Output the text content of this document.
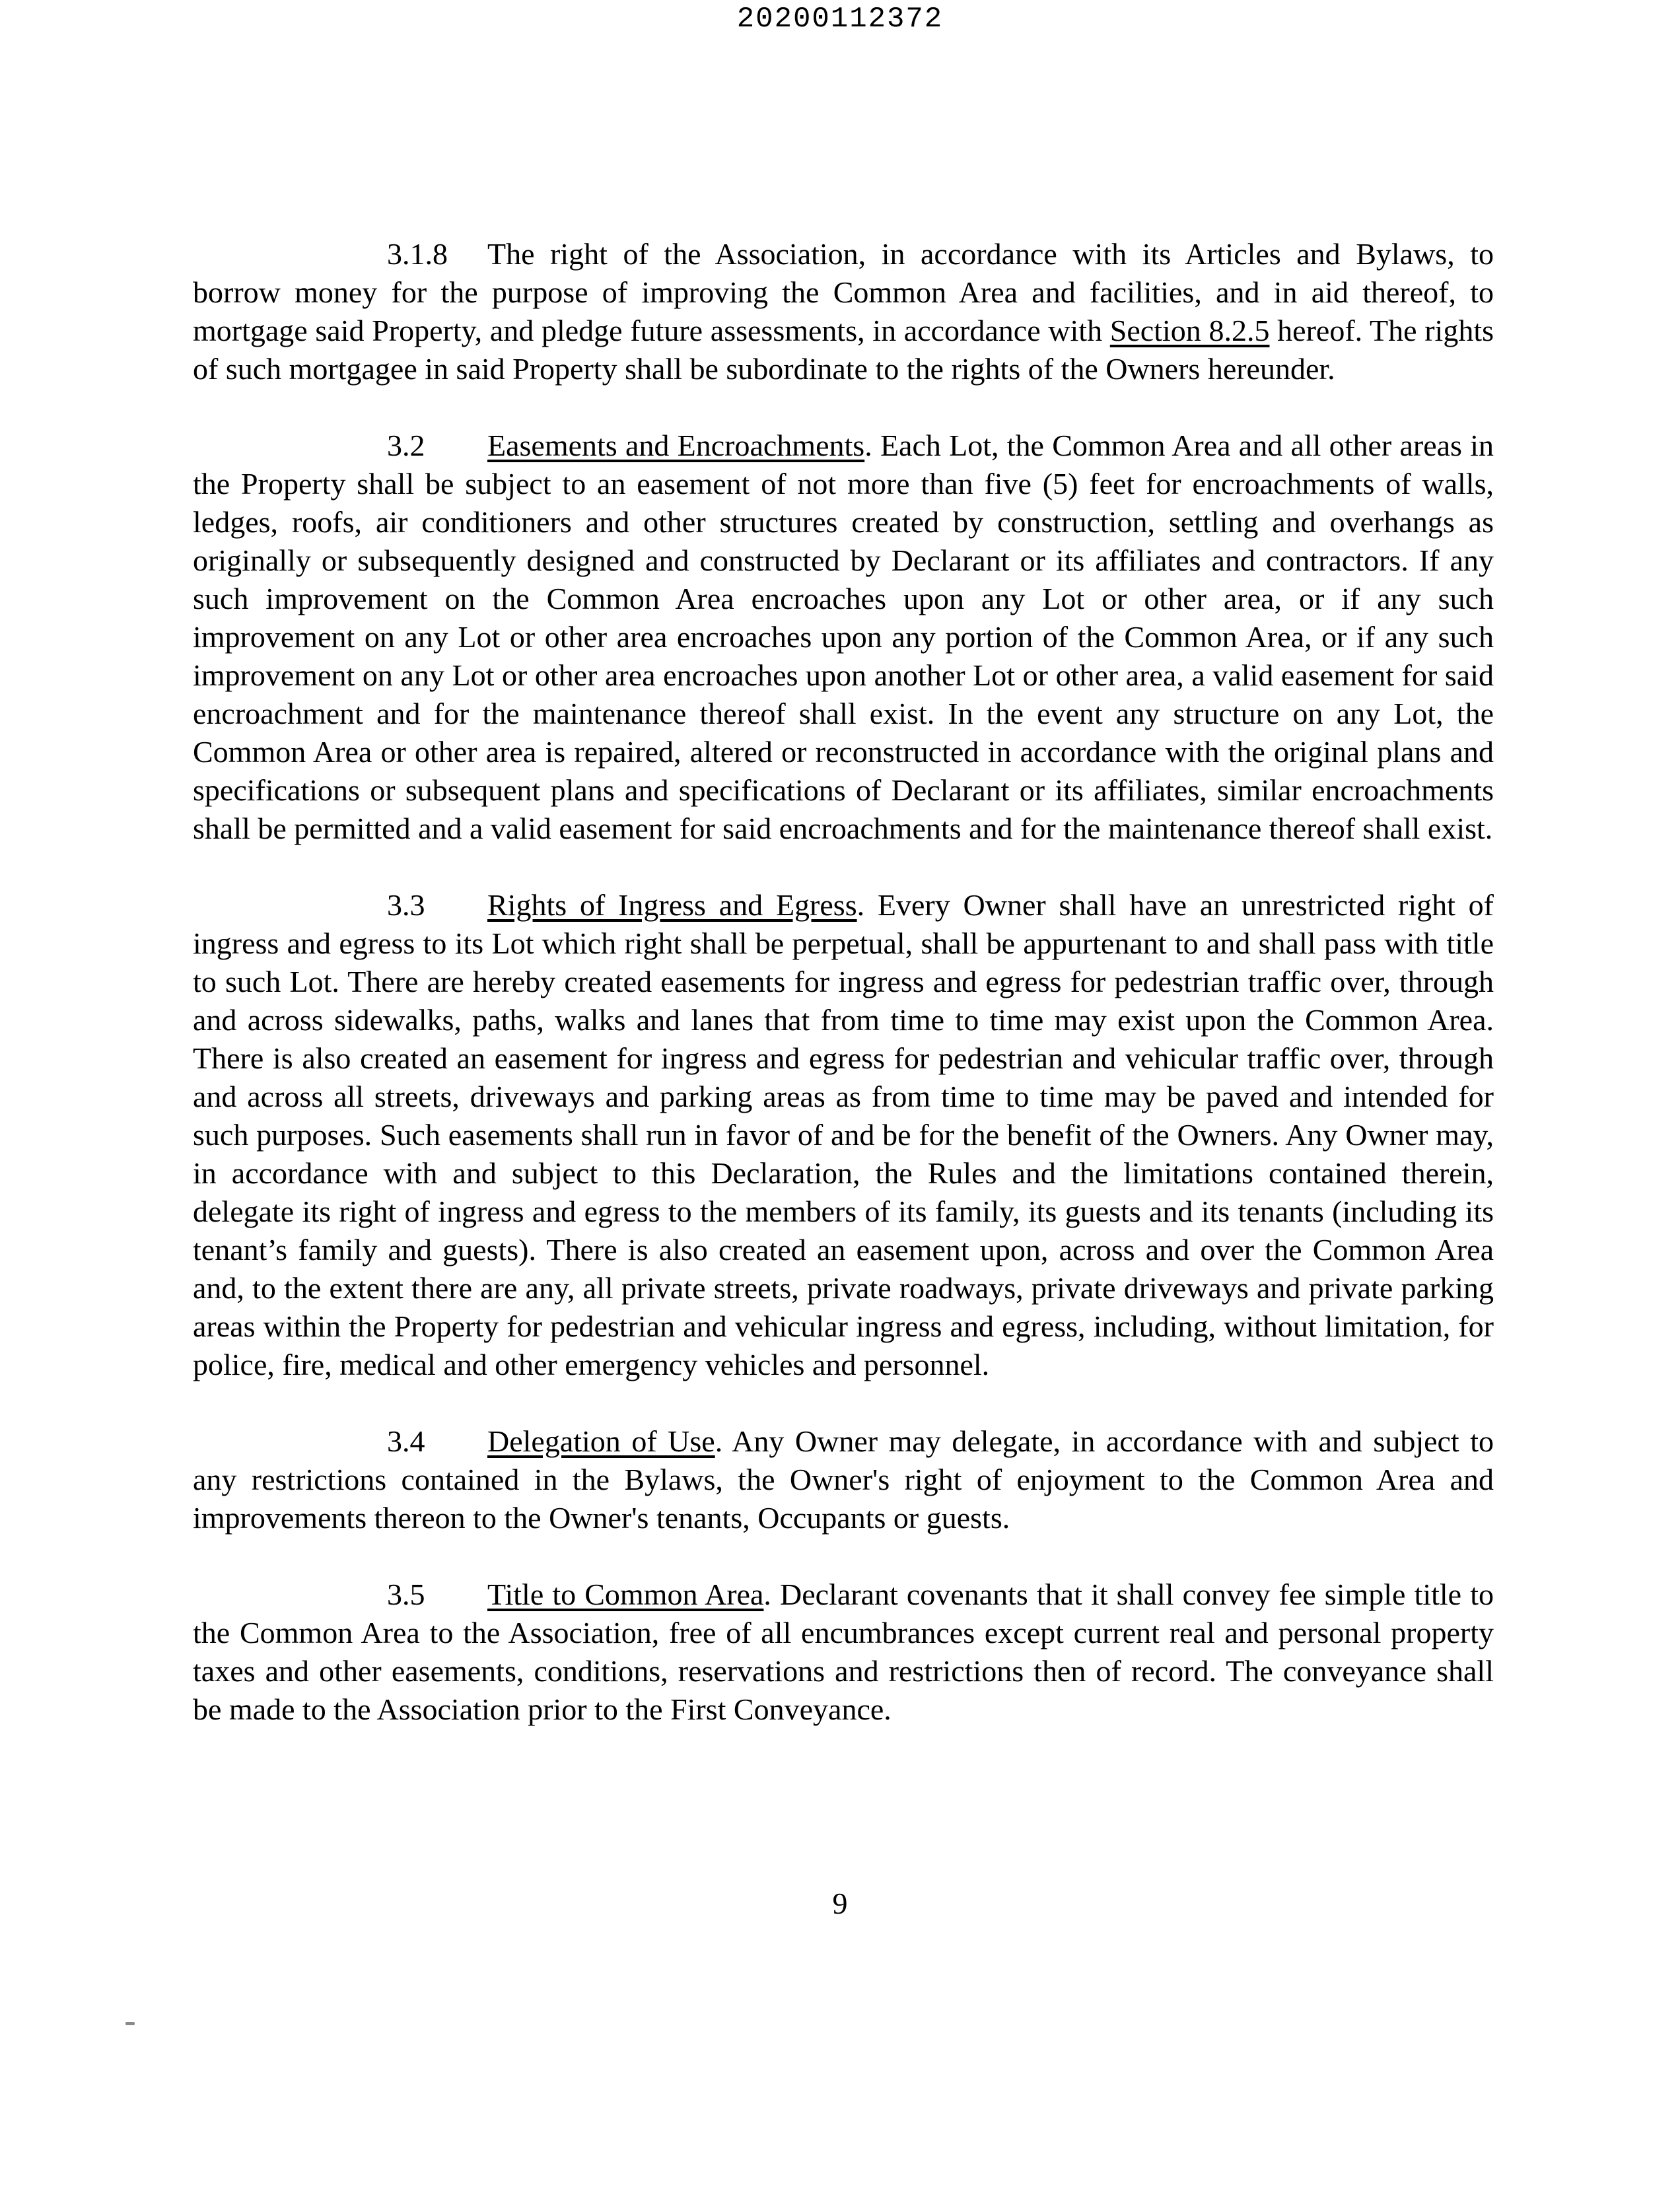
20200112372

3.1.8 The right of the Association, in accordance with its Articles and Bylaws, to borrow money for the purpose of improving the Common Area and facilities, and in aid thereof, to mortgage said Property, and pledge future assessments, in accordance with Section 8.2.5 hereof. The rights of such mortgagee in said Property shall be subordinate to the rights of the Owners hereunder.

3.2 Easements and Encroachments. Each Lot, the Common Area and all other areas in the Property shall be subject to an easement of not more than five (5) feet for encroachments of walls, ledges, roofs, air conditioners and other structures created by construction, settling and overhangs as originally or subsequently designed and constructed by Declarant or its affiliates and contractors. If any such improvement on the Common Area encroaches upon any Lot or other area, or if any such improvement on any Lot or other area encroaches upon any portion of the Common Area, or if any such improvement on any Lot or other area encroaches upon another Lot or other area, a valid easement for said encroachment and for the maintenance thereof shall exist. In the event any structure on any Lot, the Common Area or other area is repaired, altered or reconstructed in accordance with the original plans and specifications or subsequent plans and specifications of Declarant or its affiliates, similar encroachments shall be permitted and a valid easement for said encroachments and for the maintenance thereof shall exist.

3.3 Rights of Ingress and Egress. Every Owner shall have an unrestricted right of ingress and egress to its Lot which right shall be perpetual, shall be appurtenant to and shall pass with title to such Lot. There are hereby created easements for ingress and egress for pedestrian traffic over, through and across sidewalks, paths, walks and lanes that from time to time may exist upon the Common Area. There is also created an easement for ingress and egress for pedestrian and vehicular traffic over, through and across all streets, driveways and parking areas as from time to time may be paved and intended for such purposes. Such easements shall run in favor of and be for the benefit of the Owners. Any Owner may, in accordance with and subject to this Declaration, the Rules and the limitations contained therein, delegate its right of ingress and egress to the members of its family, its guests and its tenants (including its tenant’s family and guests). There is also created an easement upon, across and over the Common Area and, to the extent there are any, all private streets, private roadways, private driveways and private parking areas within the Property for pedestrian and vehicular ingress and egress, including, without limitation, for police, fire, medical and other emergency vehicles and personnel.

3.4 Delegation of Use. Any Owner may delegate, in accordance with and subject to any restrictions contained in the Bylaws, the Owner's right of enjoyment to the Common Area and improvements thereon to the Owner's tenants, Occupants or guests.

3.5 Title to Common Area. Declarant covenants that it shall convey fee simple title to the Common Area to the Association, free of all encumbrances except current real and personal property taxes and other easements, conditions, reservations and restrictions then of record. The conveyance shall be made to the Association prior to the First Conveyance.

9
